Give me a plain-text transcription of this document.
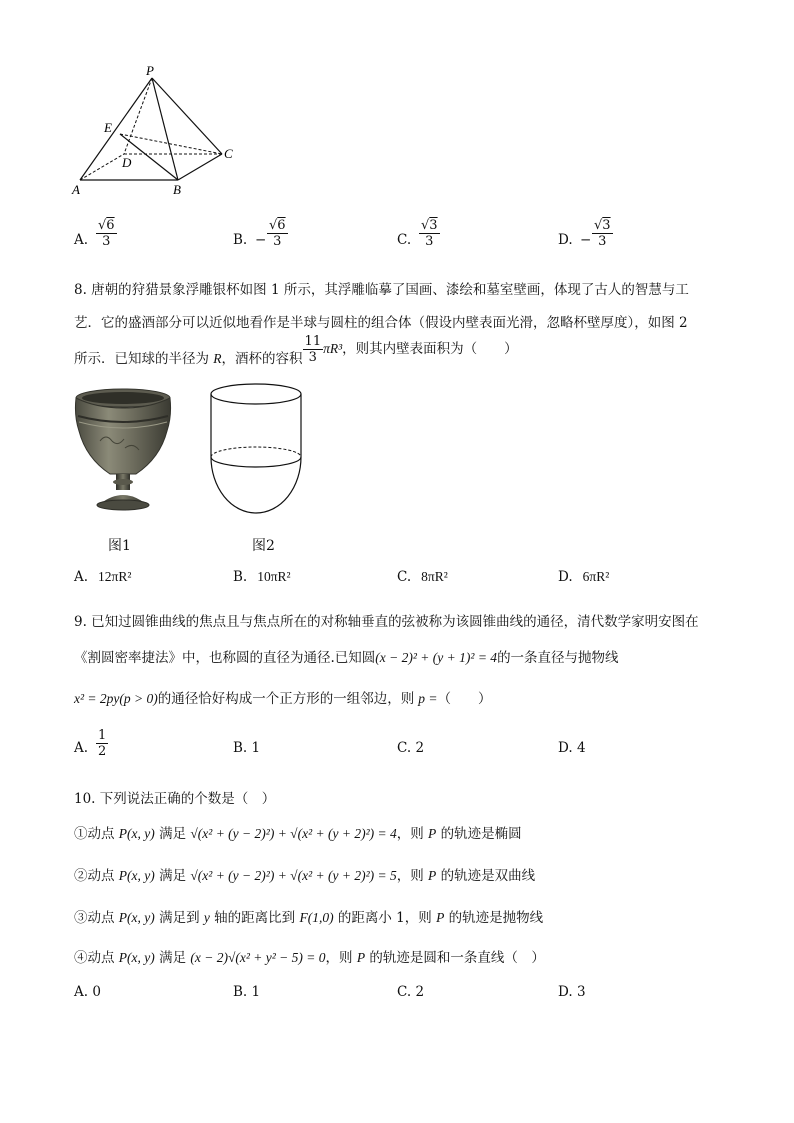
P
E
D
C
A	B
A. $\frac{√6}{3}$	B. − $\frac{√6}{3}$	C. $\frac{√3}{3}$	D. − $\frac{√3}{3}$
8. 唐朝的狩猎景象浮雕银杯如图 1 所示，其浮雕临摹了国画、漆绘和墓室壁画，体现了古人的智慧与工
艺．它的盛酒部分可以近似地看作是半球与圆柱的组合体（假设内壁表面光滑，忽略杯壁厚度），如图 2
所示．已知球的半径为 R，酒杯的容积 $\frac{11}{3} \pi R^3$，则其内壁表面积为（　　）
图1	图2
A. 12πR²	B. 10πR²	C. 8πR²	D. 6πR²
9. 已知过圆锥曲线的焦点且与焦点所在的对称轴垂直的弦被称为该圆锥曲线的通径，清代数学家明安图在
《割圆密率捷法》中，也称圆的直径为通径.已知圆(x − 2)² + (y + 1)² = 4的一条直径与抛物线
x² = 2py(p > 0)的通径恰好构成一个正方形的一组邻边，则 p =（　　）
A. $\frac{1}{2}$	B. 1	C. 2	D. 4
10. 下列说法正确的个数是（　）
①动点 P(x, y) 满足 √(x² + (y − 2)²) + √(x² + (y + 2)²) = 4，则 P 的轨迹是椭圆
②动点 P(x, y) 满足 √(x² + (y − 2)²) + √(x² + (y + 2)²) = 5，则 P 的轨迹是双曲线
③动点 P(x, y) 满足到 y 轴的距离比到 F(1,0) 的距离小 1，则 P 的轨迹是抛物线
④动点 P(x, y) 满足 (x − 2)√(x² + y² − 5) = 0，则 P 的轨迹是圆和一条直线（　）
A. 0	B. 1	C. 2	D. 3
